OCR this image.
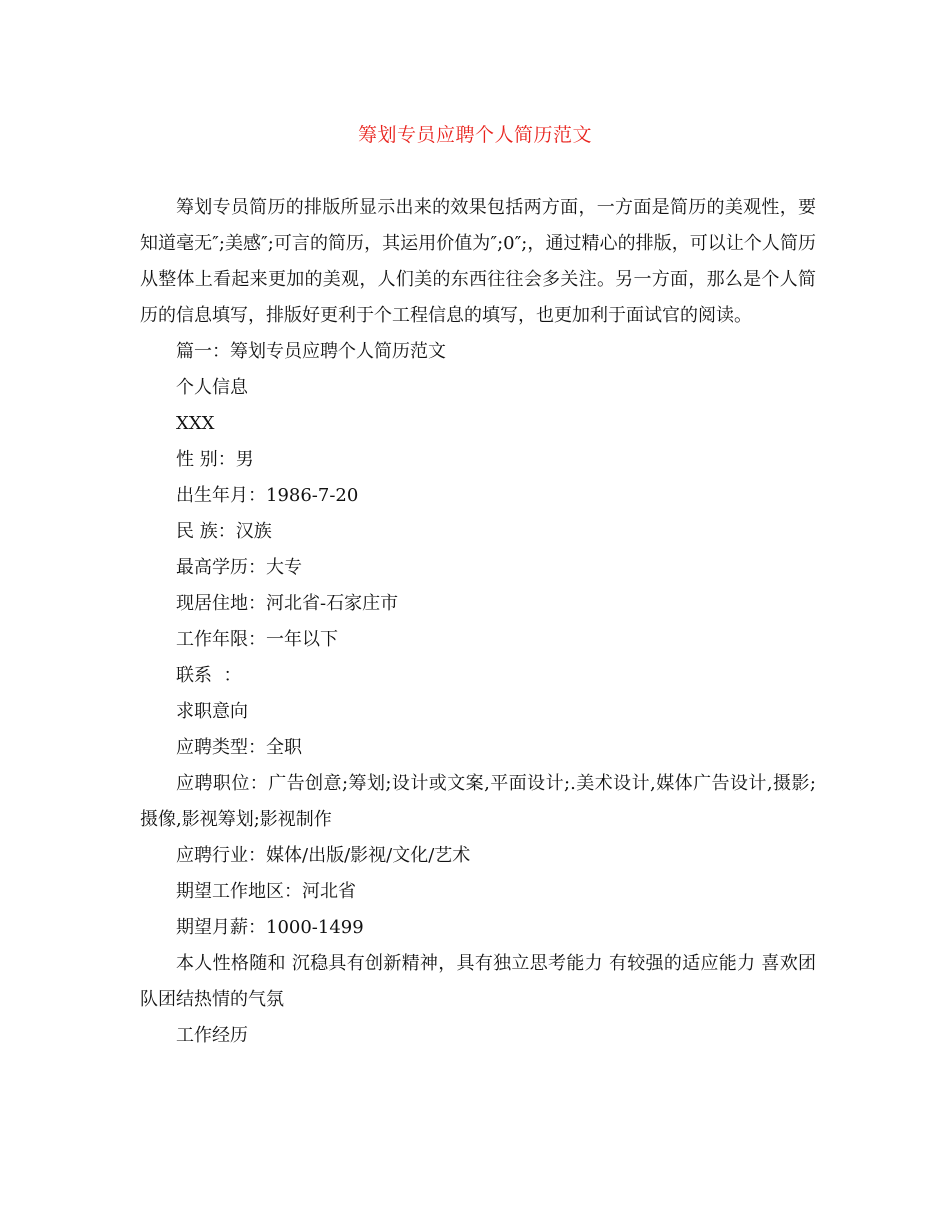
筹划专员应聘个人简历范文

筹划专员简历的排版所显示出来的效果包括两方面，一方面是简历的美观性，要知道毫无″;美感″;可言的简历，其运用价值为″;0″;，通过精心的排版，可以让个人简历从整体上看起来更加的美观，人们美的东西往往会多关注。另一方面，那么是个人简历的信息填写，排版好更利于个工程信息的填写，也更加利于面试官的阅读。

篇一：筹划专员应聘个人简历范文
个人信息
XXX
性 别：男
出生年月：1986-7-20
民 族：汉族
最高学历：大专
现居住地：河北省-石家庄市
工作年限：一年以下
联系  ：
求职意向
应聘类型：全职

应聘职位：广告创意;筹划;设计或文案,平面设计;.美术设计,媒体广告设计,摄影;摄像,影视筹划;影视制作

应聘行业：媒体/出版/影视/文化/艺术
期望工作地区：河北省
期望月薪：1000-1499

本人性格随和 沉稳具有创新精神，具有独立思考能力 有较强的适应能力 喜欢团队团结热情的气氛

工作经历
